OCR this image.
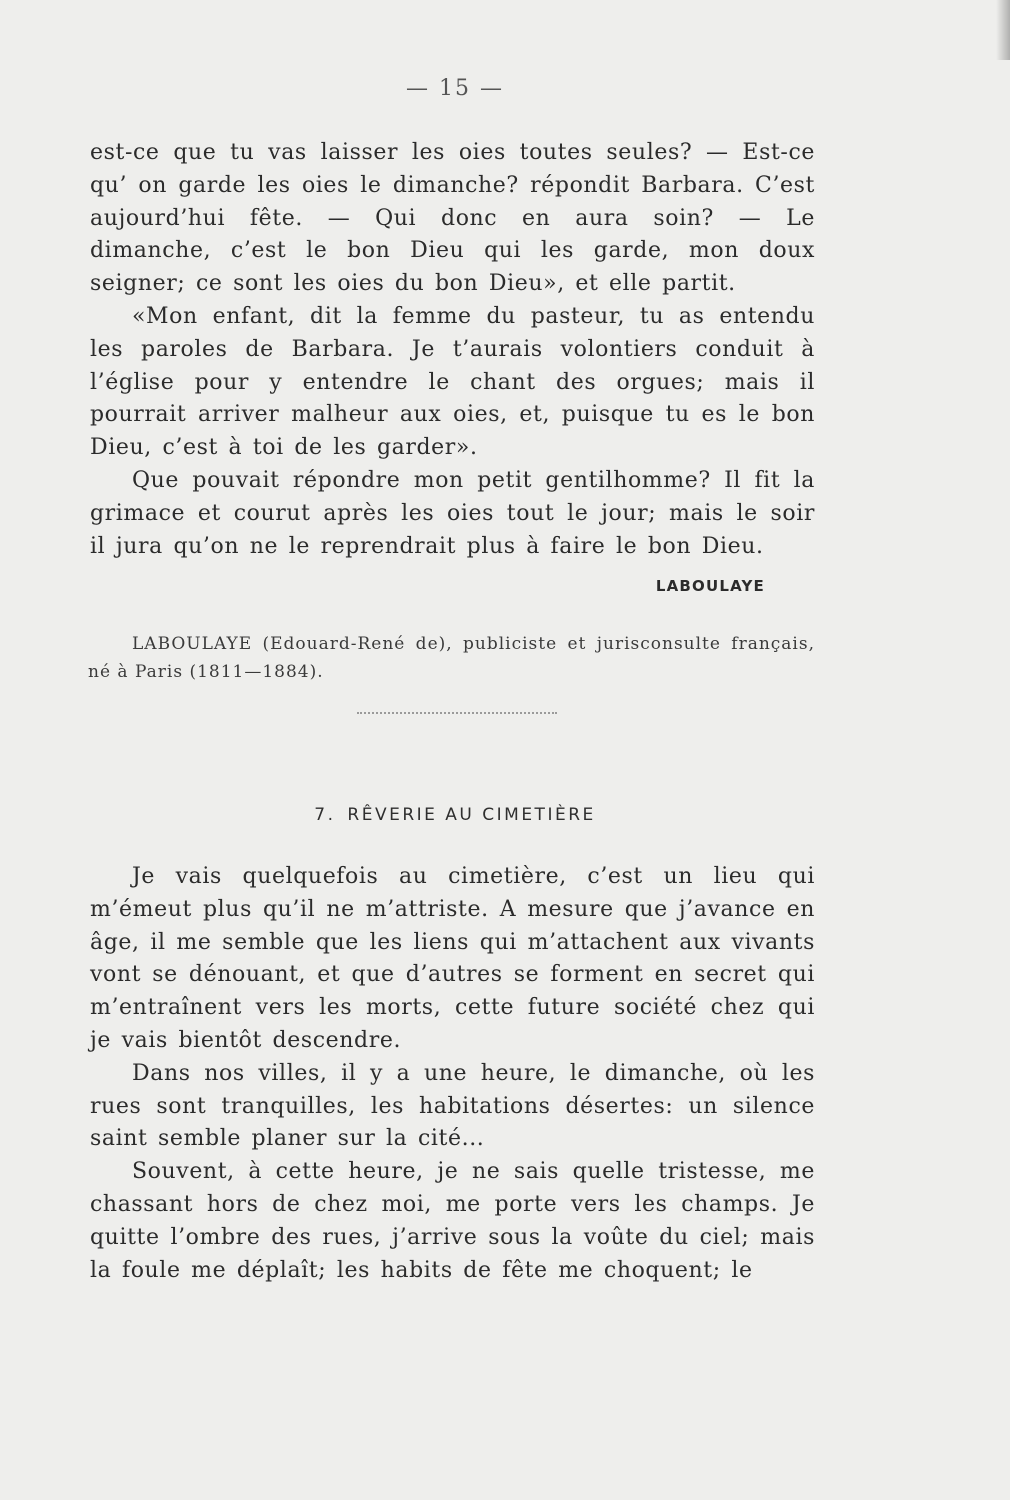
— 15 —

est-ce que tu vas laisser les oies toutes seules? — Est-ce qu’ on garde les oies le dimanche? répondit Barbara. C’est aujourd’hui fête. — Qui donc en aura soin? — Le dimanche, c’est le bon Dieu qui les garde, mon doux seigner; ce sont les oies du bon Dieu», et elle partit.

«Mon enfant, dit la femme du pasteur, tu as entendu les paroles de Barbara. Je t’aurais volontiers conduit à l’église pour y entendre le chant des orgues; mais il pourrait arriver malheur aux oies, et, puisque tu es le bon Dieu, c’est à toi de les garder».

Que pouvait répondre mon petit gentilhomme? Il fit la grimace et courut après les oies tout le jour; mais le soir il jura qu’on ne le reprendrait plus à faire le bon Dieu.

LABOULAYE

LABOULAYE (Edouard-René de), publiciste et jurisconsulte français, né à Paris (1811—1884).

7. RÊVERIE AU CIMETIÈRE

Je vais quelquefois au cimetière, c’est un lieu qui m’émeut plus qu’il ne m’attriste. A mesure que j’avance en âge, il me semble que les liens qui m’attachent aux vivants vont se dénouant, et que d’autres se forment en secret qui m’entraînent vers les morts, cette future société chez qui je vais bientôt descendre.

Dans nos villes, il y a une heure, le dimanche, où les rues sont tranquilles, les habitations désertes: un silence saint semble planer sur la cité...

Souvent, à cette heure, je ne sais quelle tristesse, me chassant hors de chez moi, me porte vers les champs. Je quitte l’ombre des rues, j’arrive sous la voûte du ciel; mais la foule me déplaît; les habits de fête me choquent; le
